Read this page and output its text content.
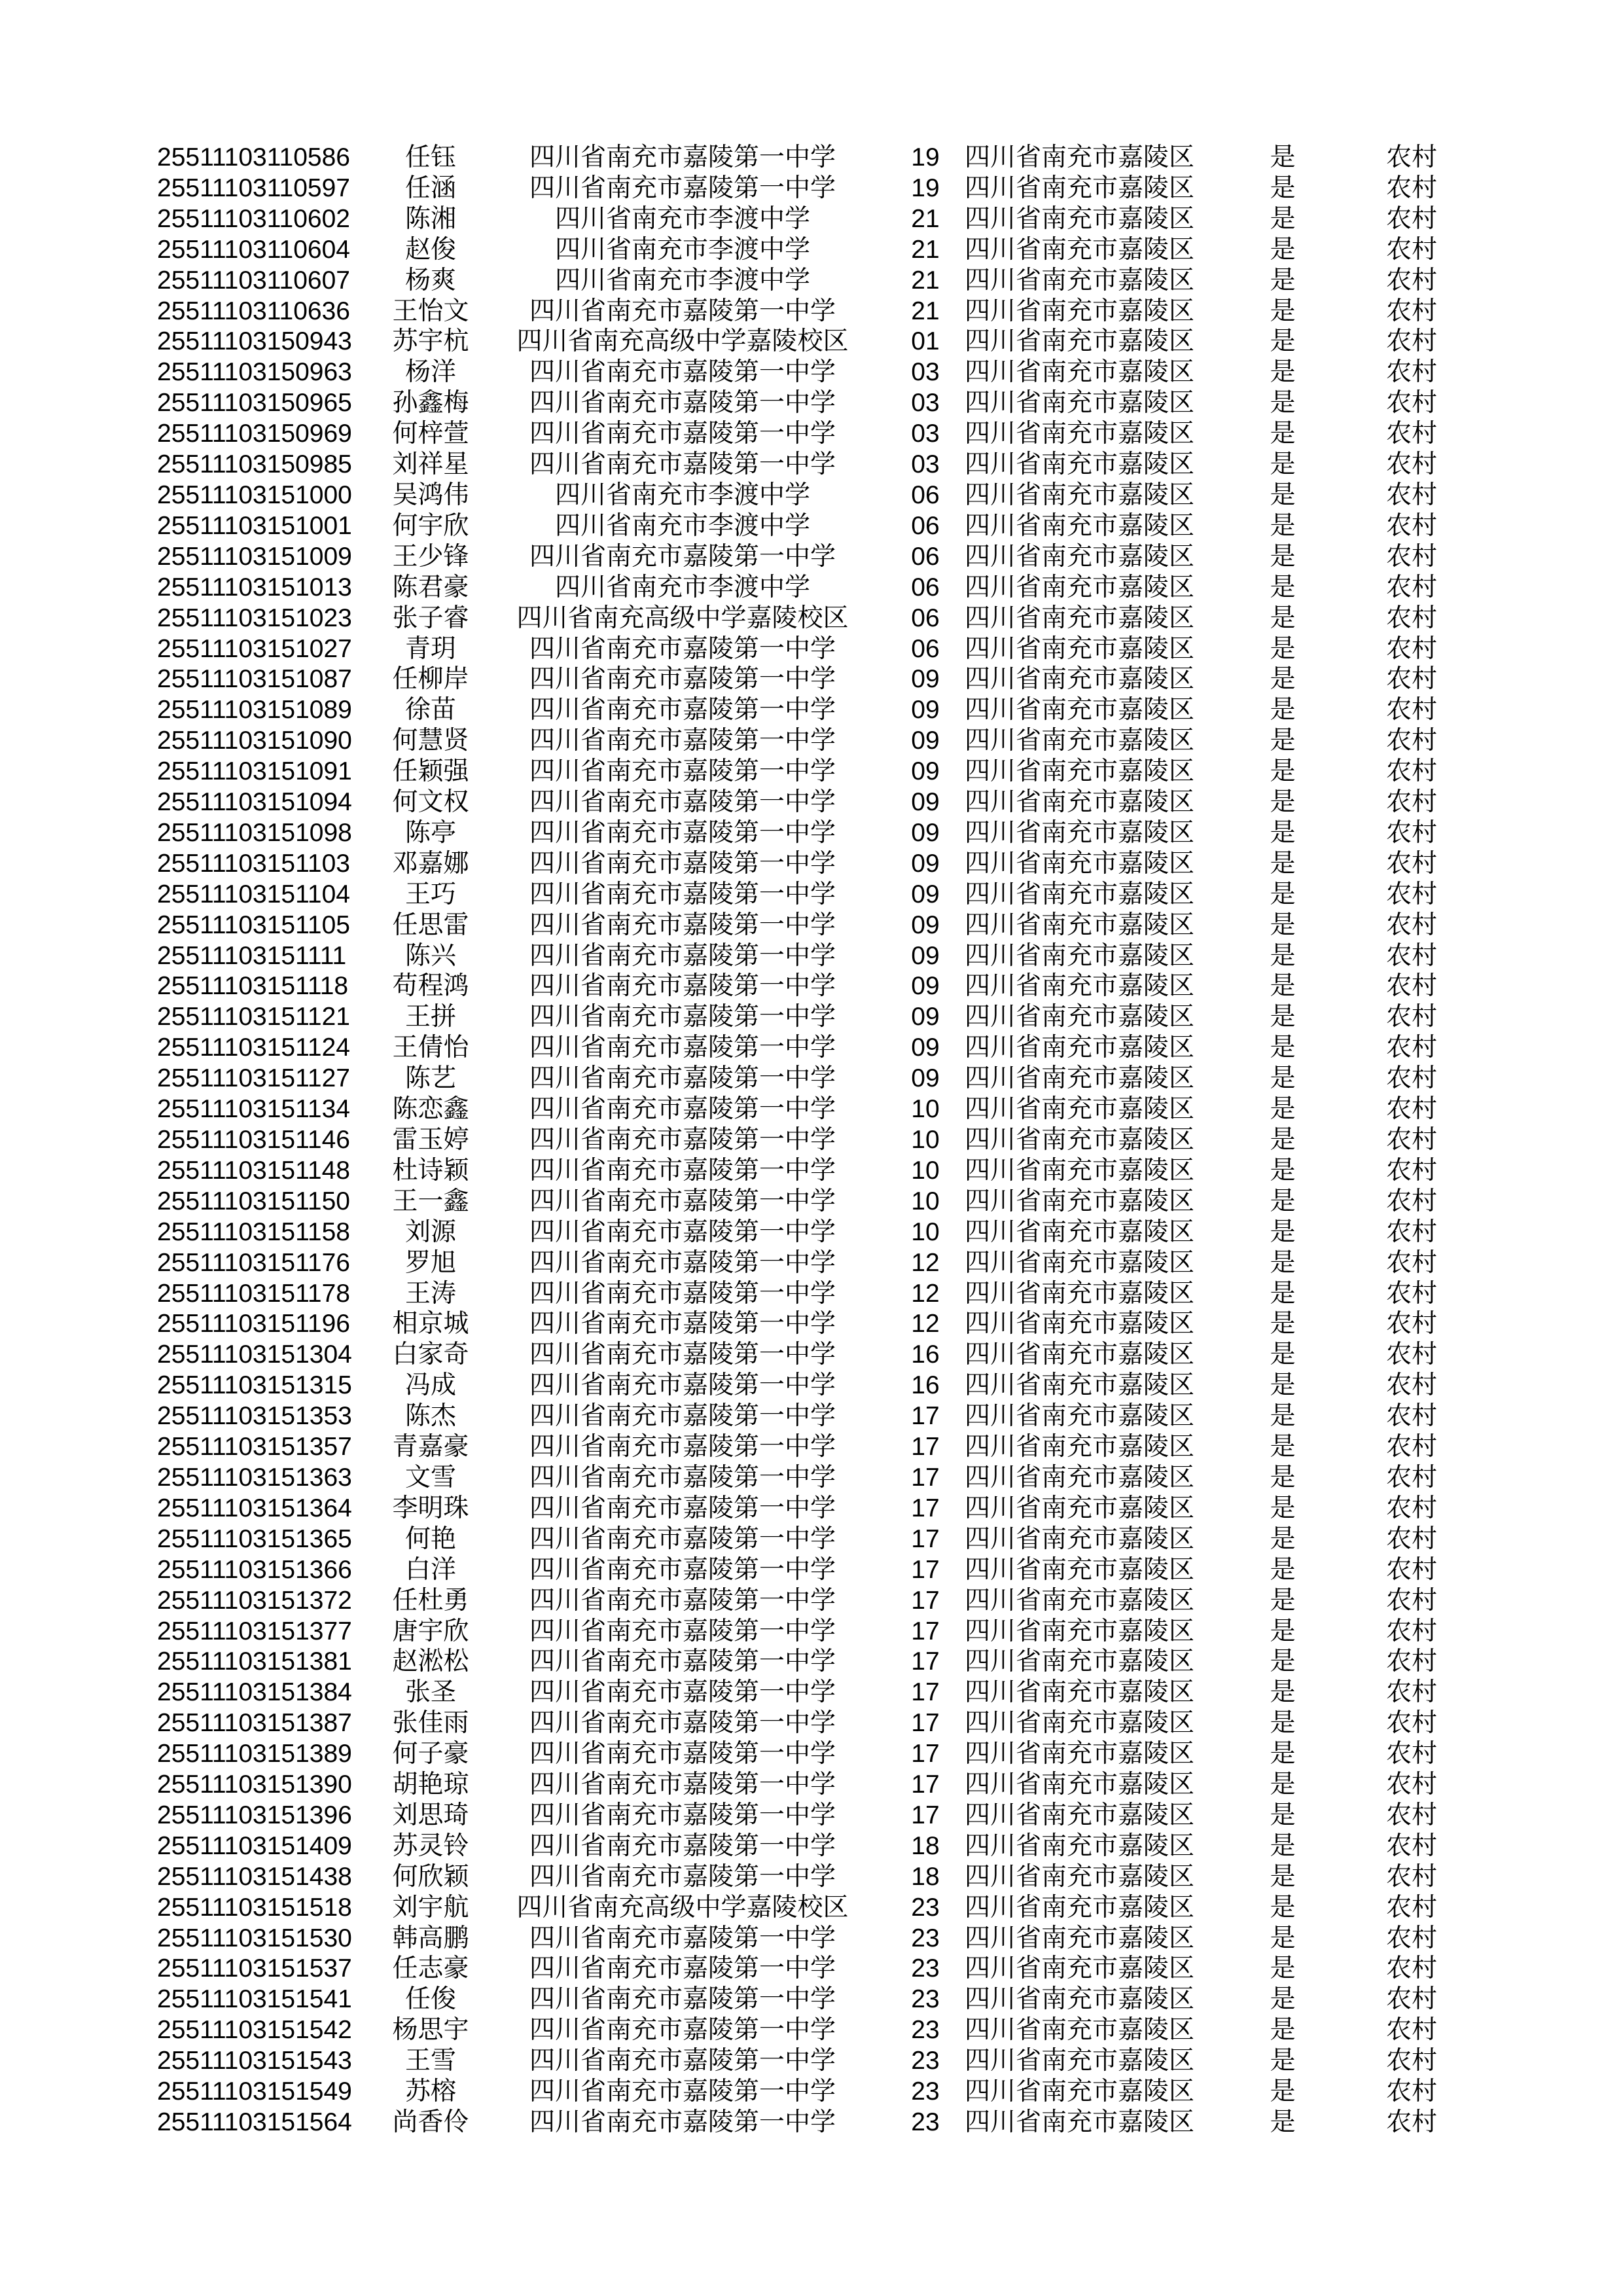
25511103110586	任钰	四川省南充市嘉陵第一中学	19 四川省南充市嘉陵区	是	农村
25511103110597	任涵	四川省南充市嘉陵第一中学	19 四川省南充市嘉陵区	是	农村
25511103110602	陈湘	四川省南充市李渡中学	21 四川省南充市嘉陵区	是	农村
25511103110604	赵俊	四川省南充市李渡中学	21 四川省南充市嘉陵区	是	农村
25511103110607	杨爽	四川省南充市李渡中学	21 四川省南充市嘉陵区	是	农村
25511103110636	王怡文	四川省南充市嘉陵第一中学	21 四川省南充市嘉陵区	是	农村
25511103150943	苏宇杭	四川省南充高级中学嘉陵校区	01 四川省南充市嘉陵区	是	农村
25511103150963	杨洋	四川省南充市嘉陵第一中学	03 四川省南充市嘉陵区	是	农村
25511103150965	孙鑫梅	四川省南充市嘉陵第一中学	03 四川省南充市嘉陵区	是	农村
25511103150969	何梓萱	四川省南充市嘉陵第一中学	03 四川省南充市嘉陵区	是	农村
25511103150985	刘祥星	四川省南充市嘉陵第一中学	03 四川省南充市嘉陵区	是	农村
25511103151000	吴鸿伟	四川省南充市李渡中学	06 四川省南充市嘉陵区	是	农村
25511103151001	何宇欣	四川省南充市李渡中学	06 四川省南充市嘉陵区	是	农村
25511103151009	王少锋	四川省南充市嘉陵第一中学	06 四川省南充市嘉陵区	是	农村
25511103151013	陈君豪	四川省南充市李渡中学	06 四川省南充市嘉陵区	是	农村
25511103151023	张子睿	四川省南充高级中学嘉陵校区	06 四川省南充市嘉陵区	是	农村
25511103151027	青玥	四川省南充市嘉陵第一中学	06 四川省南充市嘉陵区	是	农村
25511103151087	任柳岸	四川省南充市嘉陵第一中学	09 四川省南充市嘉陵区	是	农村
25511103151089	徐苗	四川省南充市嘉陵第一中学	09 四川省南充市嘉陵区	是	农村
25511103151090	何慧贤	四川省南充市嘉陵第一中学	09 四川省南充市嘉陵区	是	农村
25511103151091	任颖强	四川省南充市嘉陵第一中学	09 四川省南充市嘉陵区	是	农村
25511103151094	何文权	四川省南充市嘉陵第一中学	09 四川省南充市嘉陵区	是	农村
25511103151098	陈亭	四川省南充市嘉陵第一中学	09 四川省南充市嘉陵区	是	农村
25511103151103	邓嘉娜	四川省南充市嘉陵第一中学	09 四川省南充市嘉陵区	是	农村
25511103151104	王巧	四川省南充市嘉陵第一中学	09 四川省南充市嘉陵区	是	农村
25511103151105	任思雷	四川省南充市嘉陵第一中学	09 四川省南充市嘉陵区	是	农村
25511103151111	陈兴	四川省南充市嘉陵第一中学	09 四川省南充市嘉陵区	是	农村
25511103151118	苟程鸿	四川省南充市嘉陵第一中学	09 四川省南充市嘉陵区	是	农村
25511103151121	王拼	四川省南充市嘉陵第一中学	09 四川省南充市嘉陵区	是	农村
25511103151124	王倩怡	四川省南充市嘉陵第一中学	09 四川省南充市嘉陵区	是	农村
25511103151127	陈艺	四川省南充市嘉陵第一中学	09 四川省南充市嘉陵区	是	农村
25511103151134	陈恋鑫	四川省南充市嘉陵第一中学	10 四川省南充市嘉陵区	是	农村
25511103151146	雷玉婷	四川省南充市嘉陵第一中学	10 四川省南充市嘉陵区	是	农村
25511103151148	杜诗颖	四川省南充市嘉陵第一中学	10 四川省南充市嘉陵区	是	农村
25511103151150	王一鑫	四川省南充市嘉陵第一中学	10 四川省南充市嘉陵区	是	农村
25511103151158	刘源	四川省南充市嘉陵第一中学	10 四川省南充市嘉陵区	是	农村
25511103151176	罗旭	四川省南充市嘉陵第一中学	12 四川省南充市嘉陵区	是	农村
25511103151178	王涛	四川省南充市嘉陵第一中学	12 四川省南充市嘉陵区	是	农村
25511103151196	相京城	四川省南充市嘉陵第一中学	12 四川省南充市嘉陵区	是	农村
25511103151304	白家奇	四川省南充市嘉陵第一中学	16 四川省南充市嘉陵区	是	农村
25511103151315	冯成	四川省南充市嘉陵第一中学	16 四川省南充市嘉陵区	是	农村
25511103151353	陈杰	四川省南充市嘉陵第一中学	17 四川省南充市嘉陵区	是	农村
25511103151357	青嘉豪	四川省南充市嘉陵第一中学	17 四川省南充市嘉陵区	是	农村
25511103151363	文雪	四川省南充市嘉陵第一中学	17 四川省南充市嘉陵区	是	农村
25511103151364	李明珠	四川省南充市嘉陵第一中学	17 四川省南充市嘉陵区	是	农村
25511103151365	何艳	四川省南充市嘉陵第一中学	17 四川省南充市嘉陵区	是	农村
25511103151366	白洋	四川省南充市嘉陵第一中学	17 四川省南充市嘉陵区	是	农村
25511103151372	任杜勇	四川省南充市嘉陵第一中学	17 四川省南充市嘉陵区	是	农村
25511103151377	唐宇欣	四川省南充市嘉陵第一中学	17 四川省南充市嘉陵区	是	农村
25511103151381	赵淞松	四川省南充市嘉陵第一中学	17 四川省南充市嘉陵区	是	农村
25511103151384	张圣	四川省南充市嘉陵第一中学	17 四川省南充市嘉陵区	是	农村
25511103151387	张佳雨	四川省南充市嘉陵第一中学	17 四川省南充市嘉陵区	是	农村
25511103151389	何子豪	四川省南充市嘉陵第一中学	17 四川省南充市嘉陵区	是	农村
25511103151390	胡艳琼	四川省南充市嘉陵第一中学	17 四川省南充市嘉陵区	是	农村
25511103151396	刘思琦	四川省南充市嘉陵第一中学	17 四川省南充市嘉陵区	是	农村
25511103151409	苏灵铃	四川省南充市嘉陵第一中学	18 四川省南充市嘉陵区	是	农村
25511103151438	何欣颖	四川省南充市嘉陵第一中学	18 四川省南充市嘉陵区	是	农村
25511103151518	刘宇航	四川省南充高级中学嘉陵校区	23 四川省南充市嘉陵区	是	农村
25511103151530	韩高鹏	四川省南充市嘉陵第一中学	23 四川省南充市嘉陵区	是	农村
25511103151537	任志豪	四川省南充市嘉陵第一中学	23 四川省南充市嘉陵区	是	农村
25511103151541	任俊	四川省南充市嘉陵第一中学	23 四川省南充市嘉陵区	是	农村
25511103151542	杨思宇	四川省南充市嘉陵第一中学	23 四川省南充市嘉陵区	是	农村
25511103151543	王雪	四川省南充市嘉陵第一中学	23 四川省南充市嘉陵区	是	农村
25511103151549	苏榕	四川省南充市嘉陵第一中学	23 四川省南充市嘉陵区	是	农村
25511103151564	尚香伶	四川省南充市嘉陵第一中学	23 四川省南充市嘉陵区	是	农村
